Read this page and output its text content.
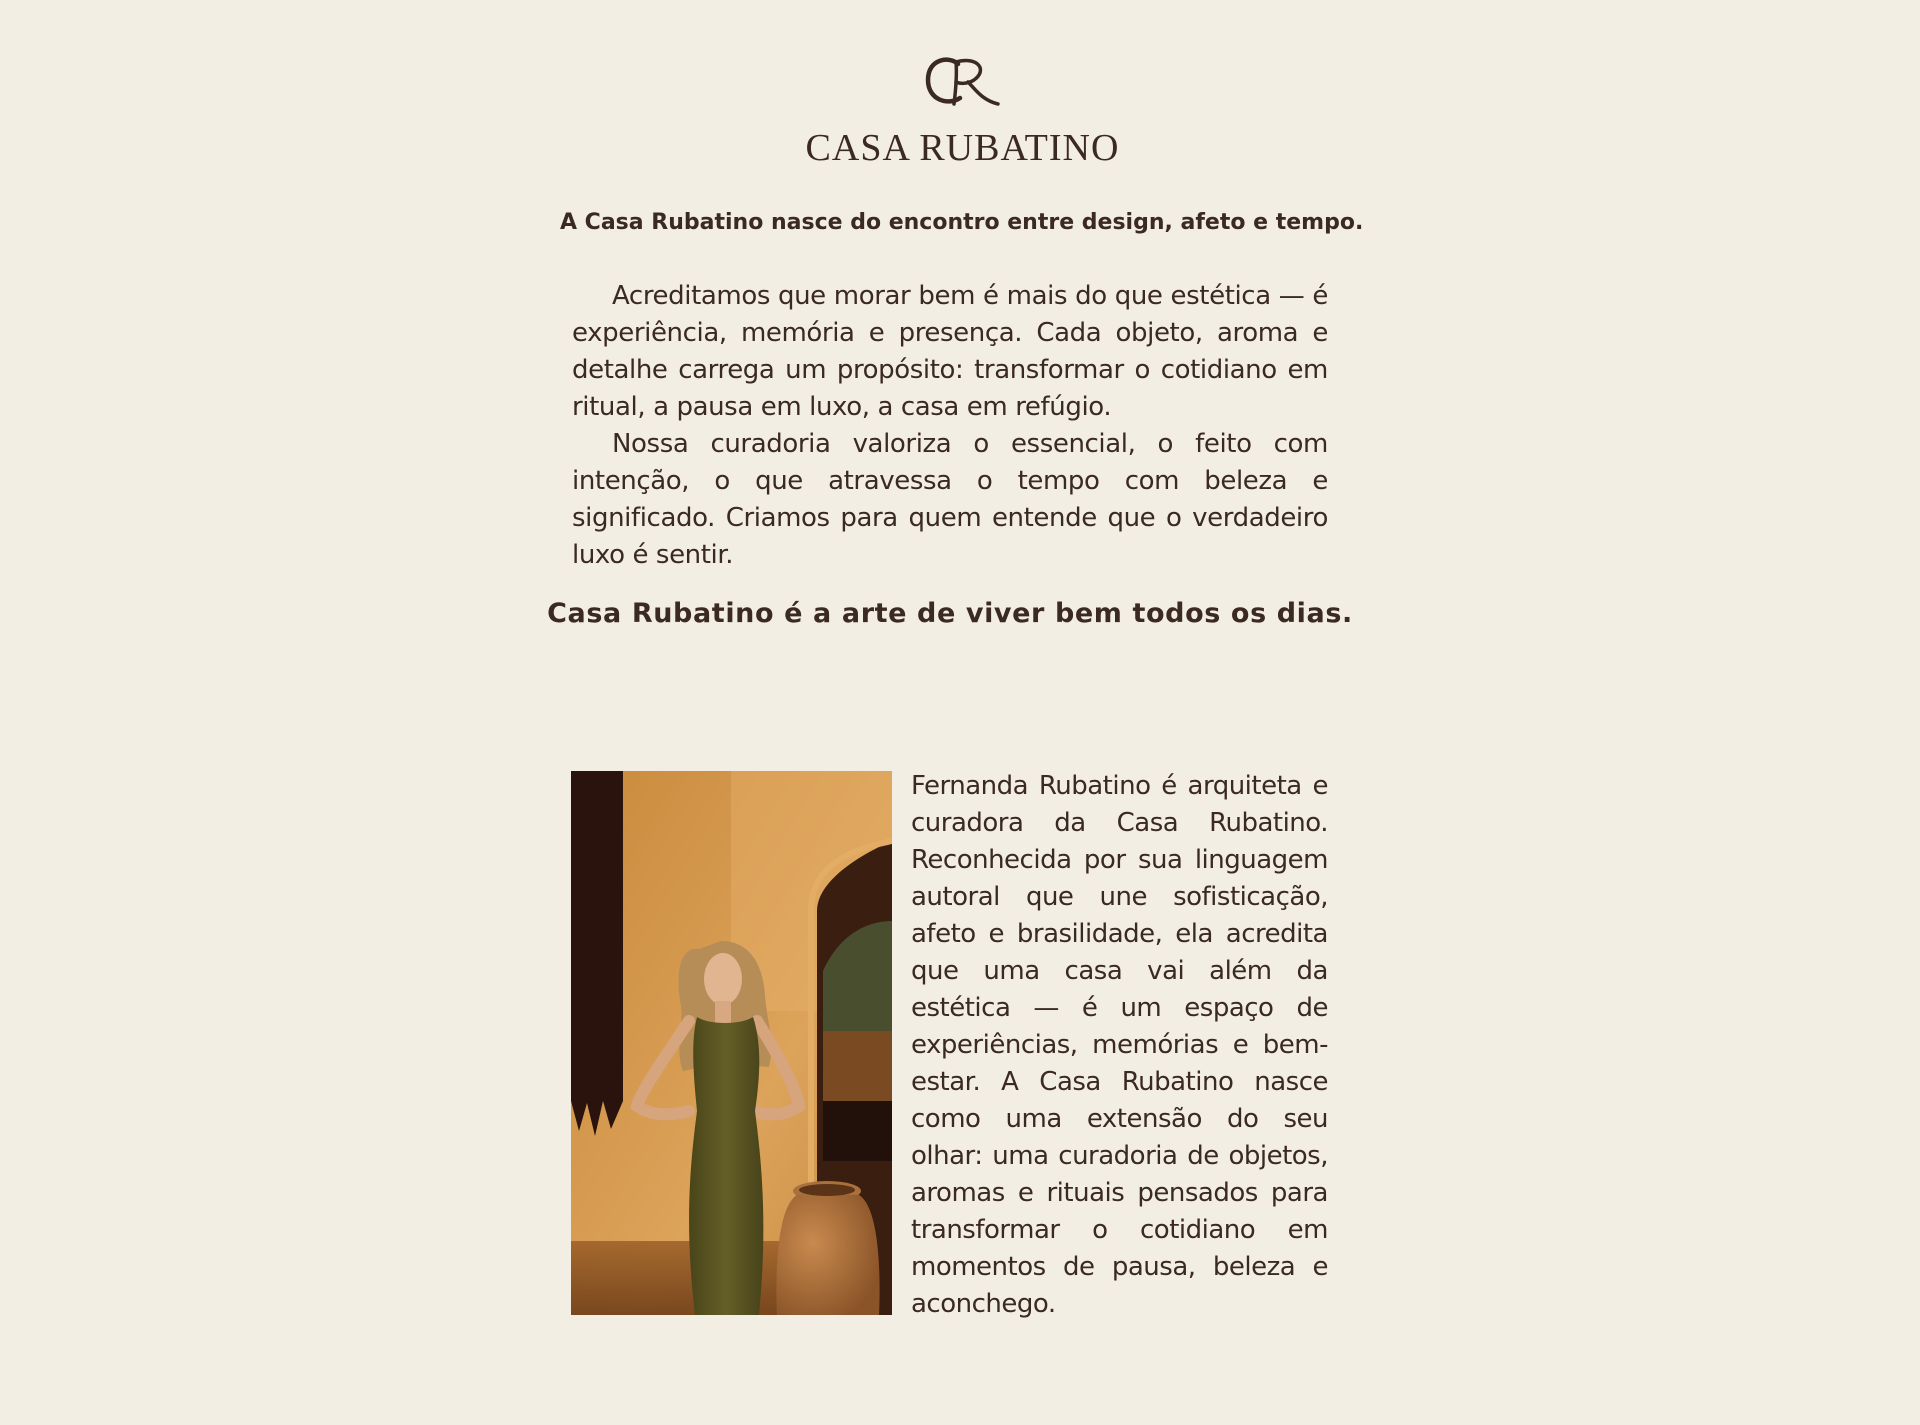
CASA RUBATINO
A Casa Rubatino nasce do encontro entre design, afeto e tempo.

Acreditamos que morar bem é mais do que estética — é experiência, memória e presença. Cada objeto, aroma e detalhe carrega um propósito: transformar o cotidiano em ritual, a pausa em luxo, a casa em refúgio.

Nossa curadoria valoriza o essencial, o feito com intenção, o que atravessa o tempo com beleza e significado. Criamos para quem entende que o verdadeiro luxo é sentir.

Casa Rubatino é a arte de viver bem todos os dias.
Fernanda Rubatino é arquiteta e curadora da Casa Rubatino. Reconhecida por sua linguagem autoral que une sofisticação, afeto e brasilidade, ela acredita que uma casa vai além da estética — é um espaço de experiências, memórias e bem-estar. A Casa Rubatino nasce como uma extensão do seu olhar: uma curadoria de objetos, aromas e rituais pensados para transformar o cotidiano em momentos de pausa, beleza e aconchego.
